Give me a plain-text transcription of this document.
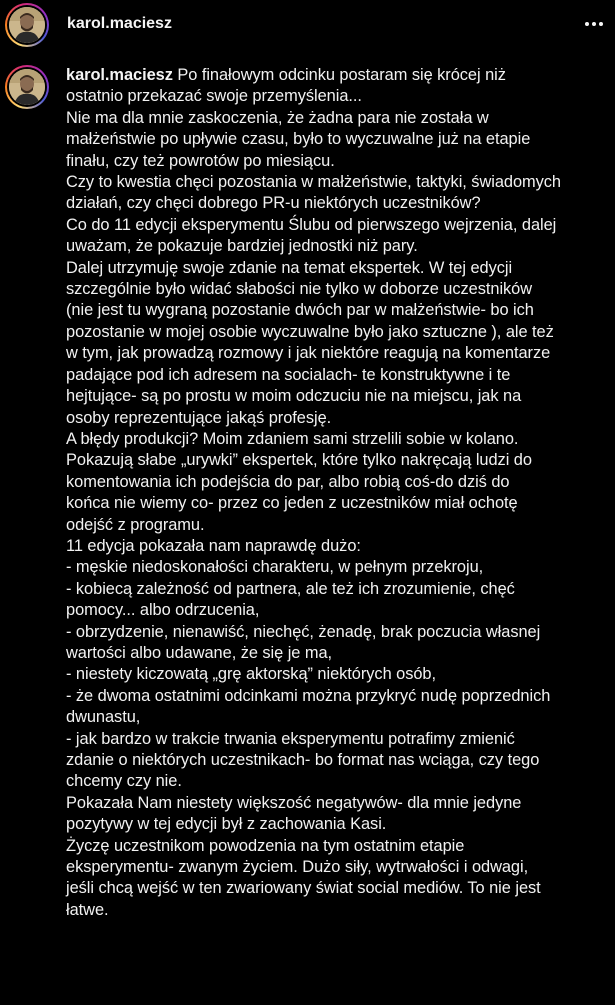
karol.maciesz
karol.maciesz Po finałowym odcinku postaram się krócej niż
ostatnio przekazać swoje przemyślenia...
Nie ma dla mnie zaskoczenia, że żadna para nie została w
małżeństwie po upływie czasu, było to wyczuwalne już na etapie
finału, czy też powrotów po miesiącu.
Czy to kwestia chęci pozostania w małżeństwie, taktyki, świadomych
działań, czy chęci dobrego PR-u niektórych uczestników?
Co do 11 edycji eksperymentu Ślubu od pierwszego wejrzenia, dalej
uważam, że pokazuje bardziej jednostki niż pary.
Dalej utrzymuję swoje zdanie na temat ekspertek. W tej edycji
szczególnie było widać słabości nie tylko w doborze uczestników
(nie jest tu wygraną pozostanie dwóch par w małżeństwie- bo ich
pozostanie w mojej osobie wyczuwalne było jako sztuczne ), ale też
w tym, jak prowadzą rozmowy i jak niektóre reagują na komentarze
padające pod ich adresem na socialach- te konstruktywne i te
hejtujące- są po prostu w moim odczuciu nie na miejscu, jak na
osoby reprezentujące jakąś profesję.
A błędy produkcji? Moim zdaniem sami strzelili sobie w kolano.
Pokazują słabe „urywki” ekspertek, które tylko nakręcają ludzi do
komentowania ich podejścia do par, albo robią coś-do dziś do
końca nie wiemy co- przez co jeden z uczestników miał ochotę
odejść z programu.
11 edycja pokazała nam naprawdę dużo:
- męskie niedoskonałości charakteru, w pełnym przekroju,
- kobiecą zależność od partnera, ale też ich zrozumienie, chęć
pomocy... albo odrzucenia,
- obrzydzenie, nienawiść, niechęć, żenadę, brak poczucia własnej
wartości albo udawane, że się je ma,
- niestety kiczowatą „grę aktorską” niektórych osób,
- że dwoma ostatnimi odcinkami można przykryć nudę poprzednich
dwunastu,
- jak bardzo w trakcie trwania eksperymentu potrafimy zmienić
zdanie o niektórych uczestnikach- bo format nas wciąga, czy tego
chcemy czy nie.
Pokazała Nam niestety większość negatywów- dla mnie jedyne
pozytywy w tej edycji był z zachowania Kasi.
Życzę uczestnikom powodzenia na tym ostatnim etapie
eksperymentu- zwanym życiem. Dużo siły, wytrwałości i odwagi,
jeśli chcą wejść w ten zwariowany świat social mediów. To nie jest
łatwe.
